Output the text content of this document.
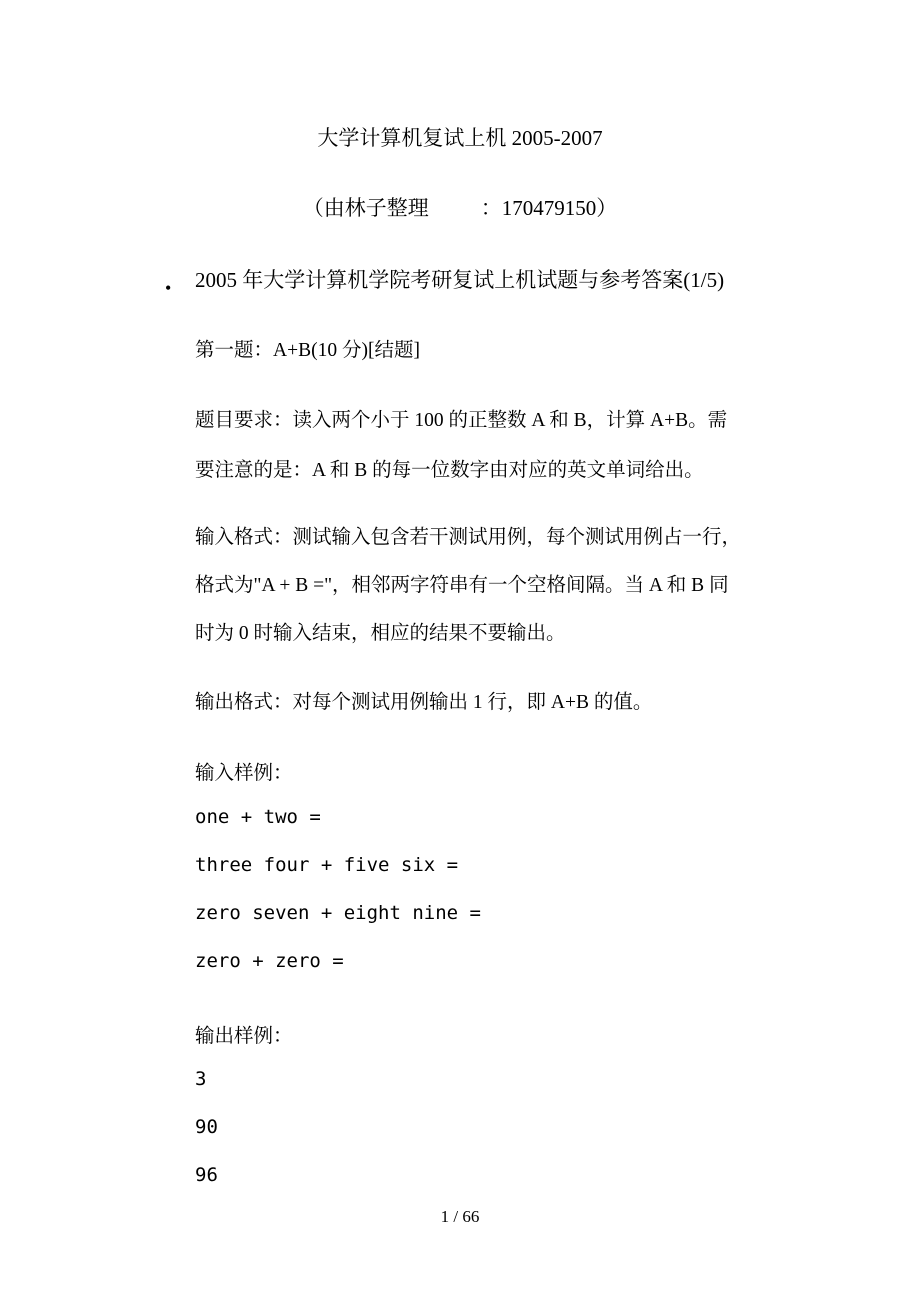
大学计算机复试上机 2005-2007
（由林子整理 ：170479150）
• 2005 年大学计算机学院考研复试上机试题与参考答案(1/5)
第一题：A+B(10 分)[结题]
题目要求：读入两个小于 100 的正整数 A 和 B，计算 A+B。需
要注意的是：A 和 B 的每一位数字由对应的英文单词给出。
输入格式：测试输入包含若干测试用例，每个测试用例占一行，
格式为"A + B ="，相邻两字符串有一个空格间隔。当 A 和 B 同
时为 0 时输入结束，相应的结果不要输出。
输出格式：对每个测试用例输出 1 行，即 A+B 的值。
输入样例：
one + two =
three four + five six =
zero seven + eight nine =
zero + zero =
输出样例：
3
90
96
1 / 66
